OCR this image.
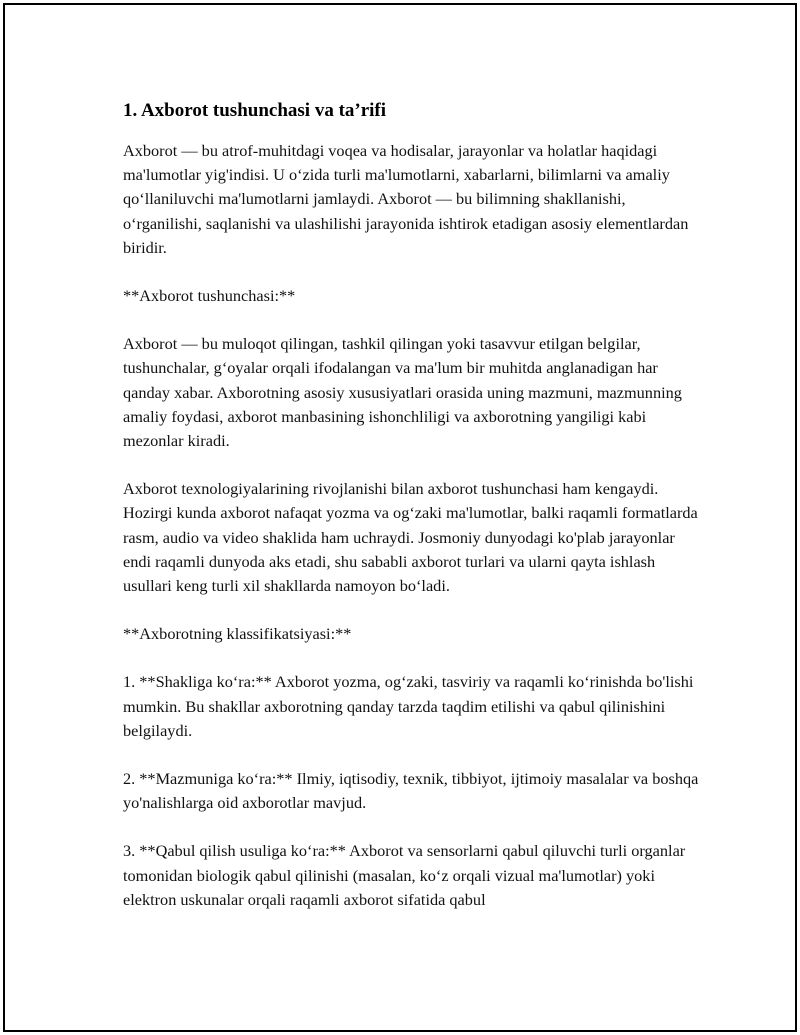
1. Axborot tushunchasi va ta’rifi

Axborot — bu atrof-muhitdagi voqea va hodisalar, jarayonlar va holatlar haqidagi ma'lumotlar yig'indisi. U o‘zida turli ma'lumotlarni, xabarlarni, bilimlarni va amaliy qo‘llaniluvchi ma'lumotlarni jamlaydi. Axborot — bu bilimning shakllanishi, o‘rganilishi, saqlanishi va ulashilishi jarayonida ishtirok etadigan asosiy elementlardan biridir.

**Axborot tushunchasi:**

Axborot — bu muloqot qilingan, tashkil qilingan yoki tasavvur etilgan belgilar, tushunchalar, g‘oyalar orqali ifodalangan va ma'lum bir muhitda anglanadigan har qanday xabar. Axborotning asosiy xususiyatlari orasida uning mazmuni, mazmunning amaliy foydasi, axborot manbasining ishonchliligi va axborotning yangiligi kabi mezonlar kiradi.

Axborot texnologiyalarining rivojlanishi bilan axborot tushunchasi ham kengaydi. Hozirgi kunda axborot nafaqat yozma va og‘zaki ma'lumotlar, balki raqamli formatlarda rasm, audio va video shaklida ham uchraydi. Josmoniy dunyodagi ko'plab jarayonlar endi raqamli dunyoda aks etadi, shu sababli axborot turlari va ularni qayta ishlash usullari keng turli xil shakllarda namoyon bo‘ladi.

**Axborotning klassifikatsiyasi:**

1. **Shakliga ko‘ra:** Axborot yozma, og‘zaki, tasviriy va raqamli ko‘rinishda bo'lishi mumkin. Bu shakllar axborotning qanday tarzda taqdim etilishi va qabul qilinishini belgilaydi.

2. **Mazmuniga ko‘ra:** Ilmiy, iqtisodiy, texnik, tibbiyot, ijtimoiy masalalar va boshqa yo'nalishlarga oid axborotlar mavjud.

3. **Qabul qilish usuliga ko‘ra:** Axborot va sensorlarni qabul qiluvchi turli organlar tomonidan biologik qabul qilinishi (masalan, ko‘z orqali vizual ma'lumotlar) yoki elektron uskunalar orqali raqamli axborot sifatida qabul
